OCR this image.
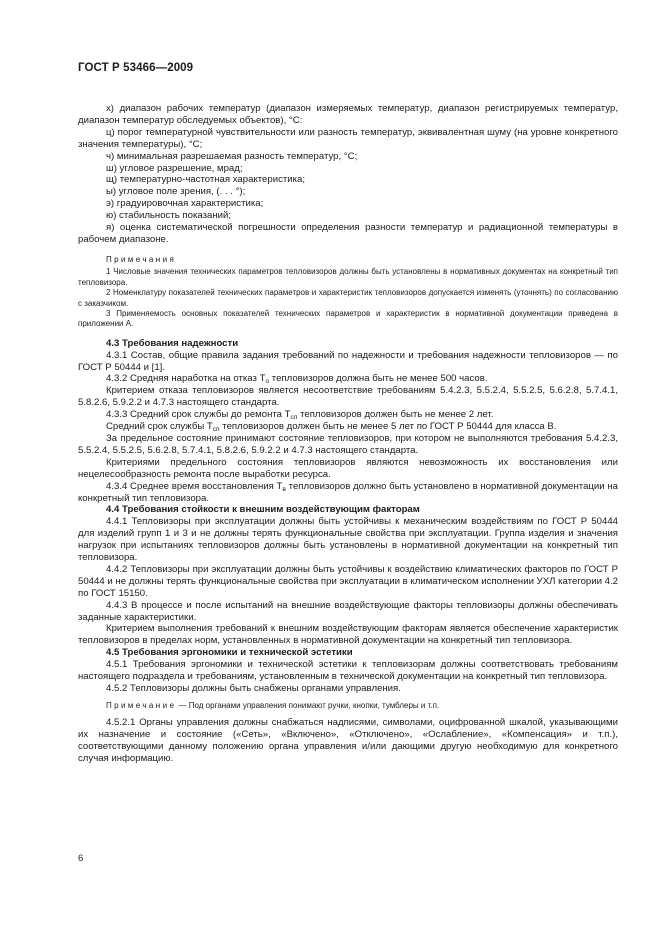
ГОСТ Р 53466—2009

х) диапазон рабочих температур (диапазон измеряемых температур, диапазон регистрируемых температур, диапазон температур обследуемых объектов), °С:

ц) порог температурной чувствительности или разность температур, эквивалентная шуму (на уровне конкретного значения температуры), °С;

ч) минимальная разрешаемая разность температур, °С;

ш) угловое разрешение, мрад;

щ) температурно-частотная характеристика;

ы) угловое поле зрения, (. . . °);

э) градуировочная характеристика;

ю) стабильность показаний;

я) оценка систематической погрешности определения разности температур и радиационной температуры в рабочем диапазоне.

Примечания

1 Числовые значения технических параметров тепловизоров должны быть установлены в нормативных документах на конкретный тип тепловизора.

2 Номенклатуру показателей технических параметров и характеристик тепловизоров допускается изменять (уточнять) по согласованию с заказчиком.

3 Применяемость основных показателей технических параметров и характеристик в нормативной документации приведена в приложении А.

4.3 Требования надежности

4.3.1 Состав, общие правила задания требований по надежности и требования надежности тепловизоров — по ГОСТ Р 50444 и [1].

4.3.2 Средняя наработка на отказ $T_о$ тепловизоров должна быть не менее 500 часов.

Критерием отказа тепловизоров является несоответствие требованиям 5.4.2.3, 5.5.2.4, 5.5.2.5, 5.6.2.8, 5.7.4.1, 5.8.2.6, 5.9.2.2 и 4.7.3 настоящего стандарта.

4.3.3 Средний срок службы до ремонта $T_{сп}$ тепловизоров должен быть не менее 2 лет.

Средний срок службы $T_{сп}$ тепловизоров должен быть не менее 5 лет по ГОСТ Р 50444 для класса В.

За предельное состояние принимают состояние тепловизоров, при котором не выполняются требования 5.4.2.3, 5.5.2.4, 5.5.2.5, 5.6.2.8, 5.7.4.1, 5.8.2.6, 5.9.2.2 и 4.7.3 настоящего стандарта.

Критериями предельного состояния тепловизоров являются невозможность их восстановления или нецелесообразность ремонта после выработки ресурса.

4.3.4 Среднее время восстановления $T_в$ тепловизоров должно быть установлено в нормативной документации на конкретный тип тепловизора.

4.4 Требования стойкости к внешним воздействующим факторам

4.4.1 Тепловизоры при эксплуатации должны быть устойчивы к механическим воздействиям по ГОСТ Р 50444 для изделий групп 1 и 3 и не должны терять функциональные свойства при эксплуатации. Группа изделия и значения нагрузок при испытаниях тепловизоров должны быть установлены в нормативной документации на конкретный тип тепловизора.

4.4.2 Тепловизоры при эксплуатации должны быть устойчивы к воздействию климатических факторов по ГОСТ Р 50444 и не должны терять функциональные свойства при эксплуатации в климатическом исполнении УХЛ категории 4.2 по ГОСТ 15150.

4.4.3 В процессе и после испытаний на внешние воздействующие факторы тепловизоры должны обеспечивать заданные характеристики.

Критерием выполнения требований к внешним воздействующим факторам является обеспечение характеристик тепловизоров в пределах норм, установленных в нормативной документации на конкретный тип тепловизора.

4.5 Требования эргономики и технической эстетики

4.5.1 Требования эргономики и технической эстетики к тепловизорам должны соответствовать требованиям настоящего подраздела и требованиям, установленным в технической документации на конкретный тип тепловизора.

4.5.2 Тепловизоры должны быть снабжены органами управления.

Примечание — Под органами управления понимают ручки, кнопки, тумблеры и т.п.

4.5.2.1 Органы управления должны снабжаться надписями, символами, оцифрованной шкалой, указывающими их назначение и состояние («Сеть», «Включено», «Отключено», «Ослабление», «Компенсация» и т.п.), соответствующими данному положению органа управления и/или дающими другую необходимую для конкретного случая информацию.

6
